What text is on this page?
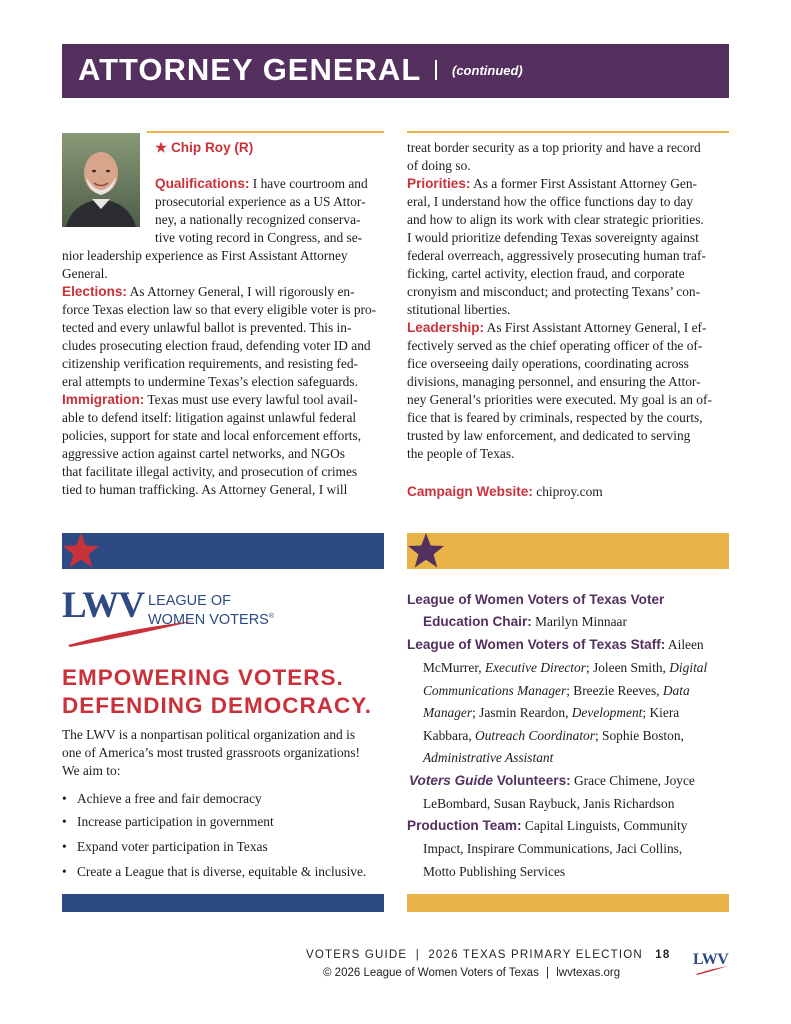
ATTORNEY GENERAL (continued)
★ Chip Roy (R)
Qualifications: I have courtroom and
prosecutorial experience as a US Attor-
ney, a nationally recognized conserva-
tive voting record in Congress, and se-
nior leadership experience as First Assistant Attorney
General.
Elections: As Attorney General, I will rigorously en-
force Texas election law so that every eligible voter is pro-
tected and every unlawful ballot is prevented. This in-
cludes prosecuting election fraud, defending voter ID and
citizenship verification requirements, and resisting fed-
eral attempts to undermine Texas’s election safeguards.
Immigration: Texas must use every lawful tool avail-
able to defend itself: litigation against unlawful federal
policies, support for state and local enforcement efforts,
aggressive action against cartel networks, and NGOs
that facilitate illegal activity, and prosecution of crimes
tied to human trafficking. As Attorney General, I will
treat border security as a top priority and have a record
of doing so.
Priorities: As a former First Assistant Attorney Gen-
eral, I understand how the office functions day to day
and how to align its work with clear strategic priorities.
I would prioritize defending Texas sovereignty against
federal overreach, aggressively prosecuting human traf-
ficking, cartel activity, election fraud, and corporate
cronyism and misconduct; and protecting Texans’ con-
stitutional liberties.
Leadership: As First Assistant Attorney General, I ef-
fectively served as the chief operating officer of the of-
fice overseeing daily operations, coordinating across
divisions, managing personnel, and ensuring the Attor-
ney General’s priorities were executed. My goal is an of-
fice that is feared by criminals, respected by the courts,
trusted by law enforcement, and dedicated to serving
the people of Texas.
Campaign Website: chiproy.com
LWV LEAGUE OF
WOMEN VOTERS®
EMPOWERING VOTERS.
DEFENDING DEMOCRACY.
The LWV is a nonpartisan political organization and is
one of America’s most trusted grassroots organizations!
We aim to:
• Achieve a free and fair democracy
• Increase participation in government
• Expand voter participation in Texas
• Create a League that is diverse, equitable & inclusive.
League of Women Voters of Texas Voter
Education Chair: Marilyn Minnaar
League of Women Voters of Texas Staff: Aileen
McMurrer, Executive Director; Joleen Smith, Digital
Communications Manager; Breezie Reeves, Data
Manager; Jasmin Reardon, Development; Kiera
Kabbara, Outreach Coordinator; Sophie Boston,
Administrative Assistant
Voters Guide Volunteers: Grace Chimene, Joyce
LeBombard, Susan Raybuck, Janis Richardson
Production Team: Capital Linguists, Community
Impact, Inspirare Communications, Jaci Collins,
Motto Publishing Services
VOTERS GUIDE | 2026 TEXAS PRIMARY ELECTION 18
© 2026 League of Women Voters of Texas | lwvtexas.org
LWV
